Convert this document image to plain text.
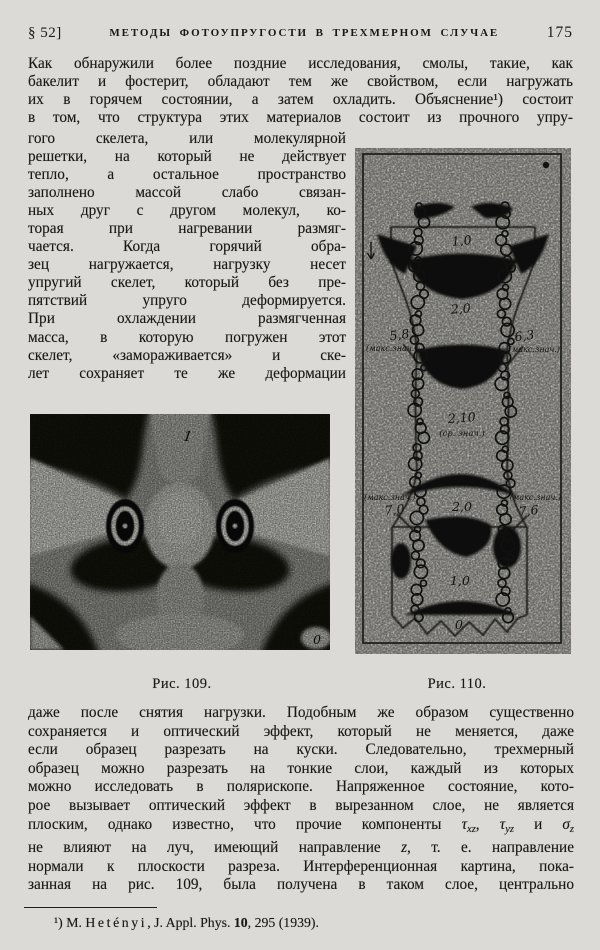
§ 52]	МЕТОДЫ ФОТОУПРУГОСТИ В ТРЕХМЕРНОМ СЛУЧАЕ	175
Как обнаружили более поздние исследования, смолы, такие, как
бакелит и фостерит, обладают тем же свойством, если нагружать
их в горячем состоянии, а затем охладить. Объяснение¹) состоит
в том, что структура этих материалов состоит из прочного упру-
гого скелета, или молекулярной
решетки, на который не действует
тепло, а остальное пространство
заполнено массой слабо связан-
ных друг с другом молекул, ко-
торая при нагревании размяг-
чается. Когда горячий обра-
зец нагружается, нагрузку несет
упругий скелет, который без пре-
пятствий упруго деформируется.
При охлаждении размягченная
масса, в которую погружен этот
скелет, «замораживается» и ске-
лет сохраняет те же деформации
1,0
2,0
5,8
(макс.знач.)
6,3
(макс.знач.)
2,10
(ср. знач.)
(макс.знач.)
7,0	2,0
(макс.знач.)
7,6
1,0
0
Рис. 109.	Рис. 110.
даже после снятия нагрузки. Подобным же образом существенно
сохраняется и оптический эффект, который не меняется, даже
если образец разрезать на куски. Следовательно, трехмерный
образец можно разрезать на тонкие слои, каждый из которых
можно исследовать в полярископе. Напряженное состояние, кото-
рое вызывает оптический эффект в вырезанном слое, не является
плоским, однако известно, что прочие компоненты τxz, τyz и σz
не влияют на луч, имеющий направление z, т. е. направление
нормали к плоскости разреза. Интерференционная картина, пока-
занная на рис. 109, была получена в таком слое, центрально
¹) M. Hetényi, J. Appl. Phys. 10, 295 (1939).
